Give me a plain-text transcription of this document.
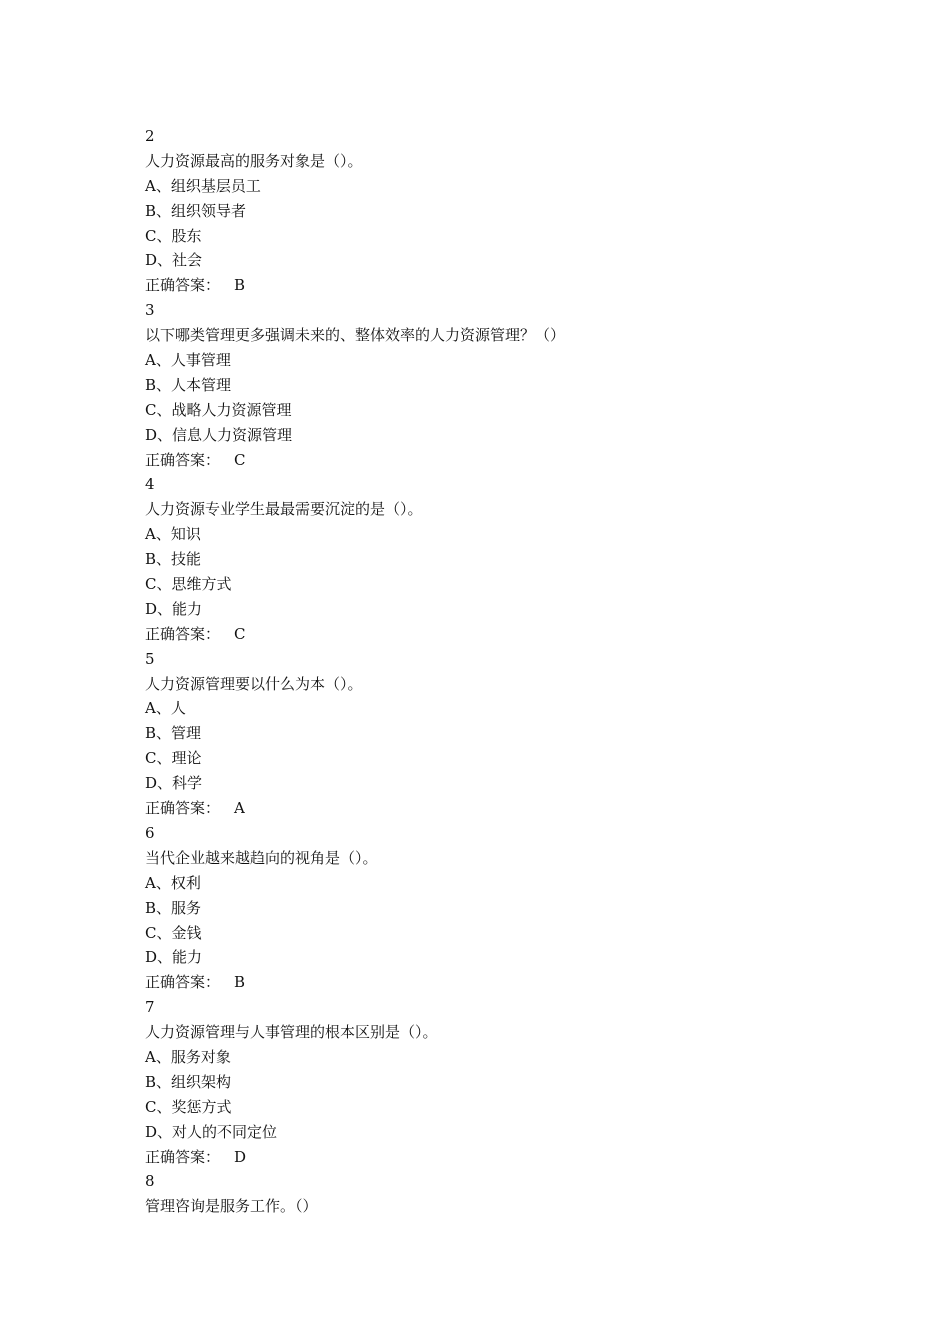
2
人力资源最高的服务对象是（）。
A、组织基层员工
B、组织领导者
C、股东
D、社会
正确答案： B
3
以下哪类管理更多强调未来的、整体效率的人力资源管理？（）
A、人事管理
B、人本管理
C、战略人力资源管理
D、信息人力资源管理
正确答案： C
4
人力资源专业学生最最需要沉淀的是（）。
A、知识
B、技能
C、思维方式
D、能力
正确答案： C
5
人力资源管理要以什么为本（）。
A、人
B、管理
C、理论
D、科学
正确答案： A
6
当代企业越来越趋向的视角是（）。
A、权利
B、服务
C、金钱
D、能力
正确答案： B
7
人力资源管理与人事管理的根本区别是（）。
A、服务对象
B、组织架构
C、奖惩方式
D、对人的不同定位
正确答案： D
8
管理咨询是服务工作。（）
